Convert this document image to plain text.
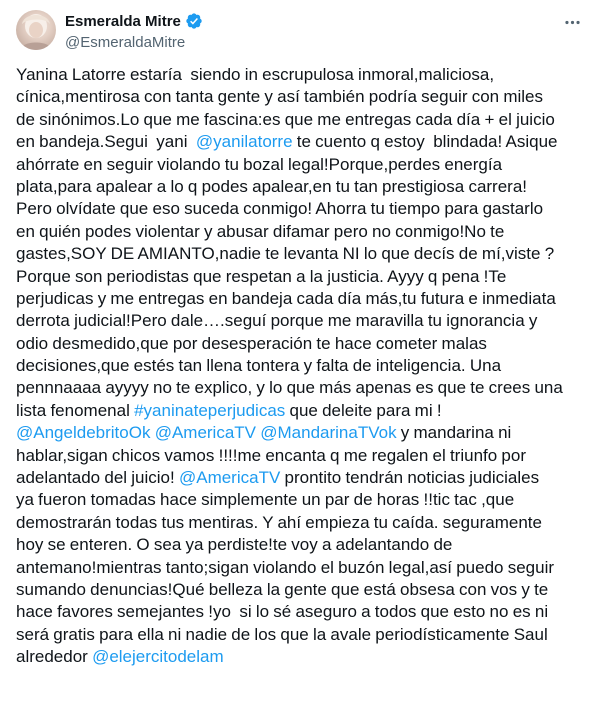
Esmeralda Mitre
@EsmeraldaMitre
Yanina Latorre estaría  siendo in escrupulosa inmoral,maliciosa,
cínica,mentirosa con tanta gente y así también podría seguir con miles
de sinónimos.Lo que me fascina:es que me entregas cada día + el juicio
en bandeja.Segui  yani  @yanilatorre te cuento q estoy  blindada! Asique
ahórrate en seguir violando tu bozal legal!Porque,perdes energía
plata,para apalear a lo q podes apalear,en tu tan prestigiosa carrera!
Pero olvídate que eso suceda conmigo! Ahorra tu tiempo para gastarlo
en quién podes violentar y abusar difamar pero no conmigo!No te
gastes,SOY DE AMIANTO,nadie te levanta NI lo que decís de mí,viste ?
Porque son periodistas que respetan a la justicia. Ayyy q pena !Te
perjudicas y me entregas en bandeja cada día más,tu futura e inmediata
derrota judicial!Pero dale….seguí porque me maravilla tu ignorancia y
odio desmedido,que por desesperación te hace cometer malas
decisiones,que estés tan llena tontera y falta de inteligencia. Una
pennnaaaa ayyyy no te explico, y lo que más apenas es que te crees una
lista fenomenal #yaninateperjudicas que deleite para mi !
@AngeldebritoOk @AmericaTV @MandarinaTVok y mandarina ni
hablar,sigan chicos vamos !!!!me encanta q me regalen el triunfo por
adelantado del juicio! @AmericaTV prontito tendrán noticias judiciales
ya fueron tomadas hace simplemente un par de horas !!tic tac ,que
demostrarán todas tus mentiras. Y ahí empieza tu caída. seguramente
hoy se enteren. O sea ya perdiste!te voy a adelantando de
antemano!mientras tanto;sigan violando el buzón legal,así puedo seguir
sumando denuncias!Qué belleza la gente que está obsesa con vos y te
hace favores semejantes !yo  si lo sé aseguro a todos que esto no es ni
será gratis para ella ni nadie de los que la avale periodísticamente Saul
alrededor @elejercitodelam
